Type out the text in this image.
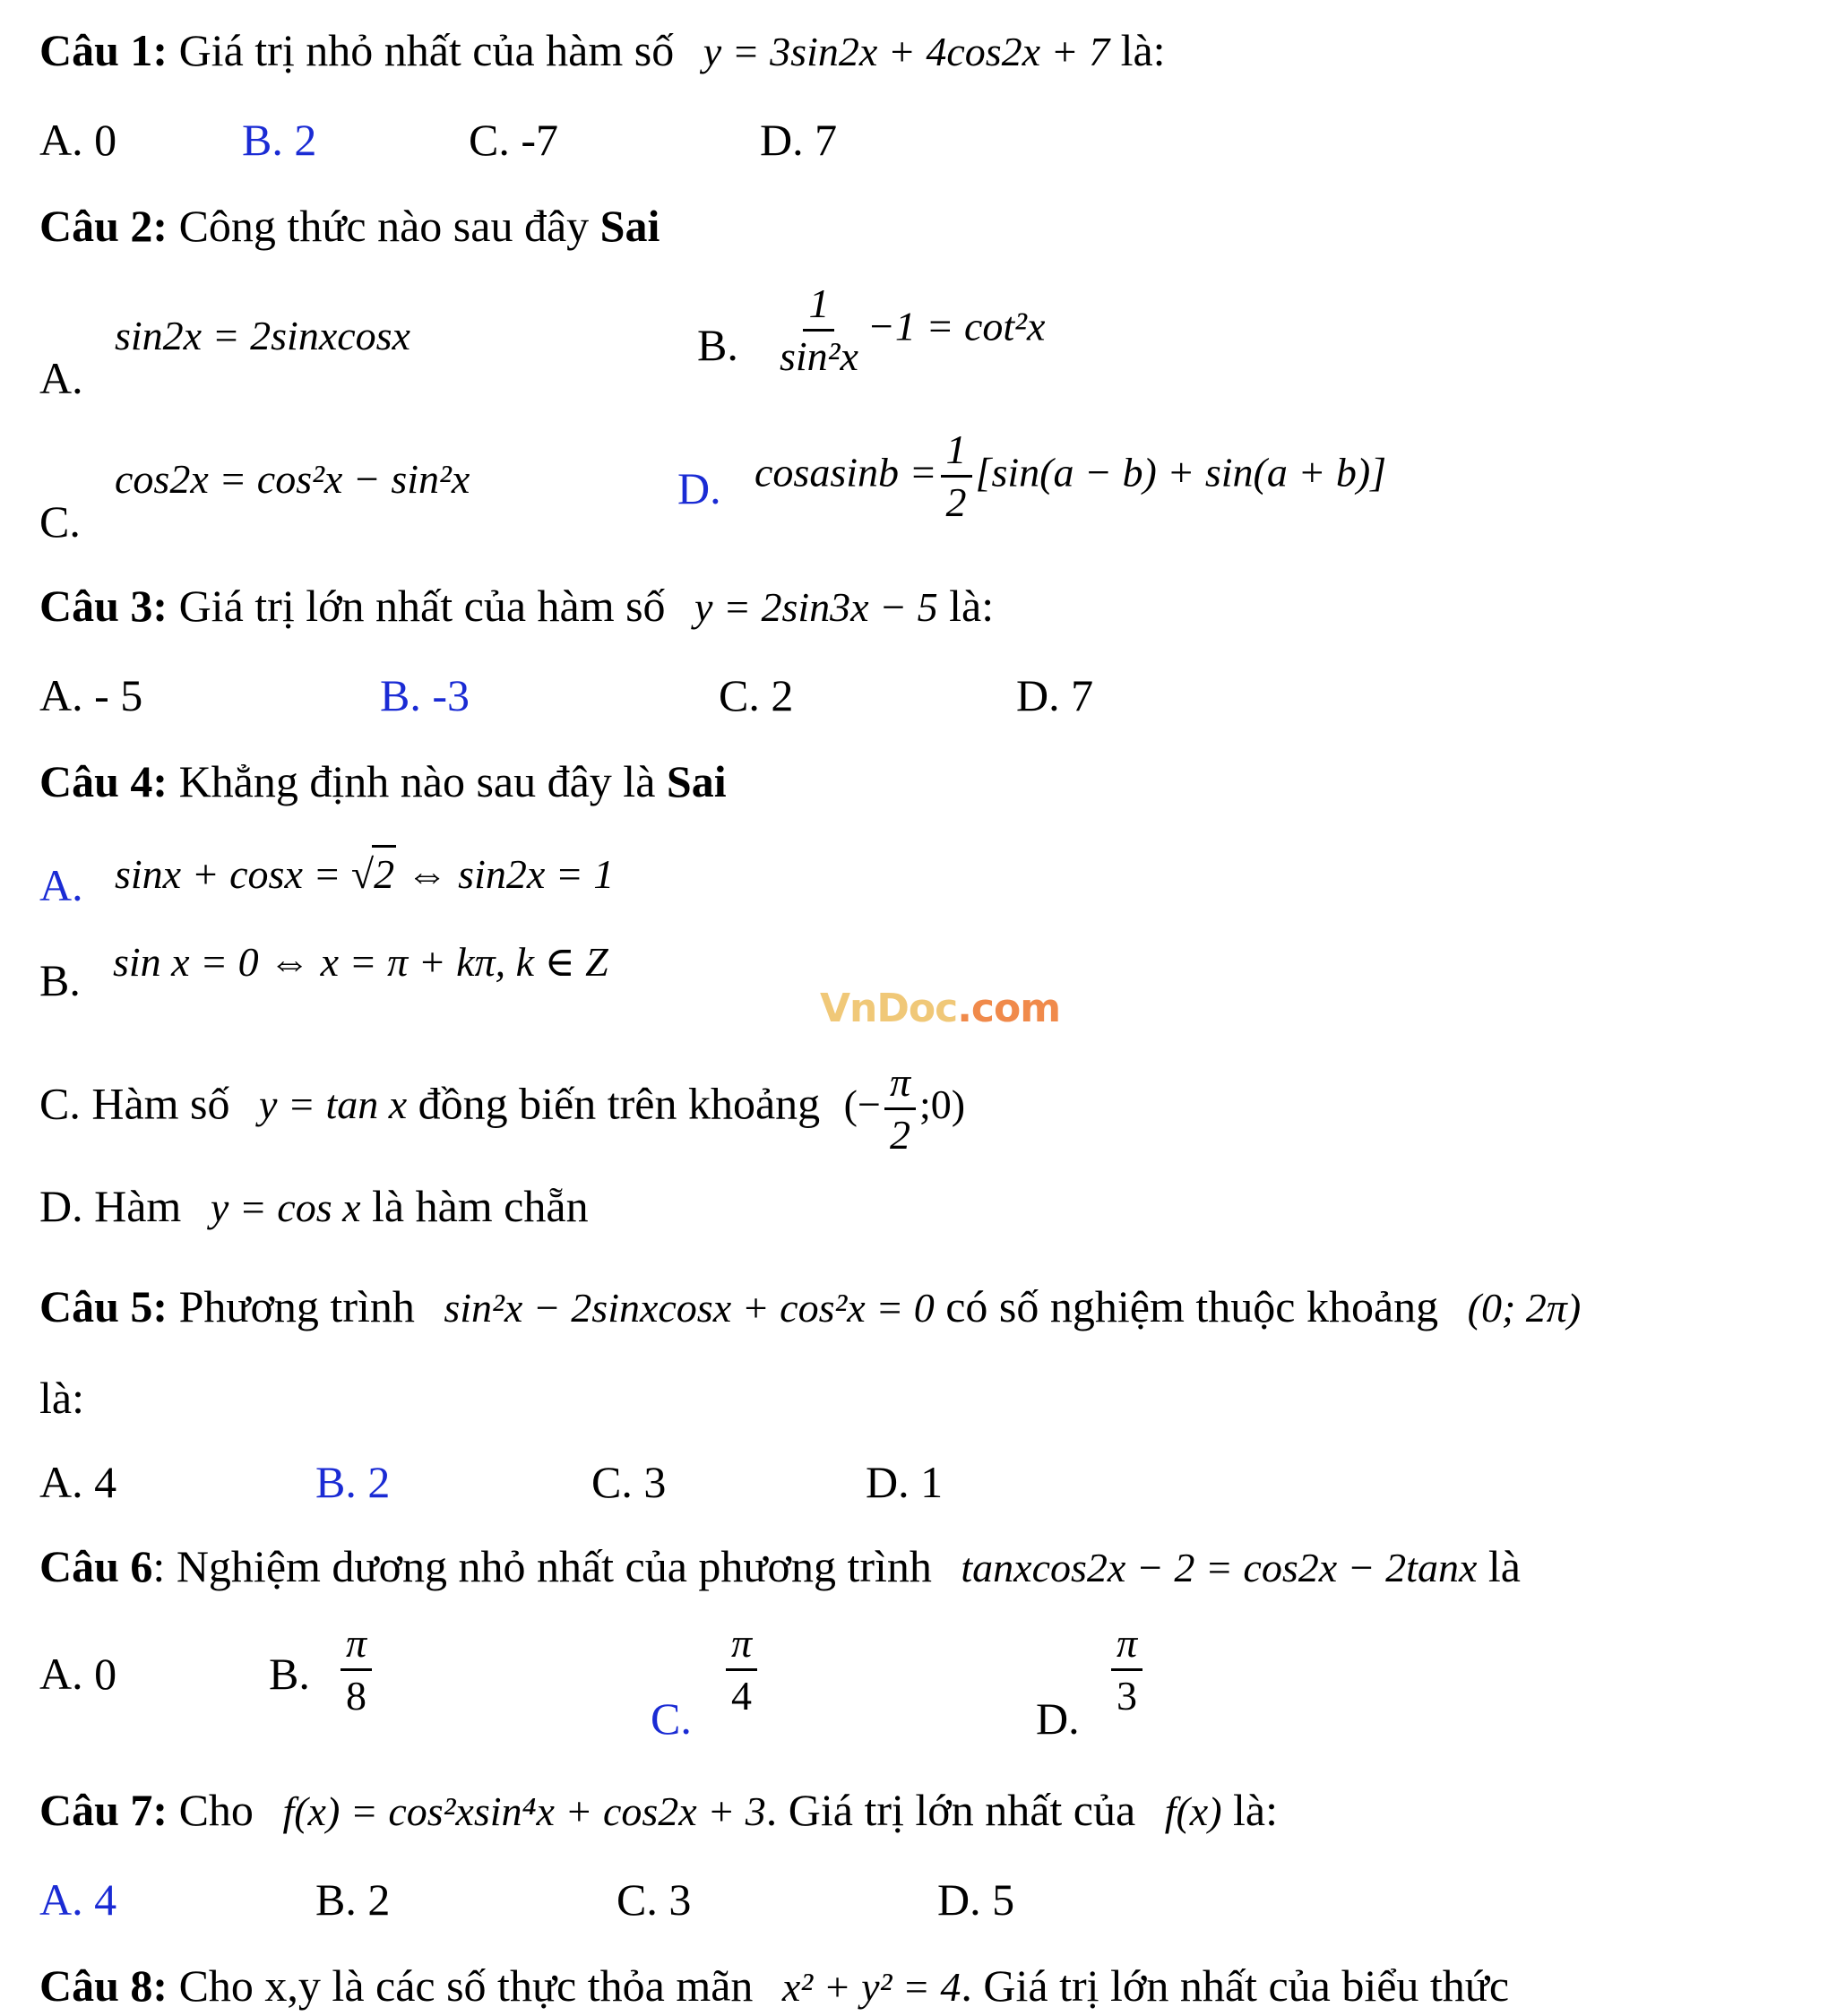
Câu 1: Giá trị nhỏ nhất của hàm số y = 3sin2x + 4cos2x + 7 là:
A. 0	B. 2	C. -7	D. 7
Câu 2: Công thức nào sau đây Sai
A.
sin2x = 2sinxcosx	B. $\frac{1}{\text{sin²x}} -1 = \cot^2x$
C.
cos2x = cos²x − sin²x	D. cosasinb = $\frac{1}{2} [\sin(a - b) + \sin(a + b)]$
Câu 3: Giá trị lớn nhất của hàm số y = 2sin3x − 5 là:
A. - 5	B. -3	C. 2	D. 7
Câu 4: Khẳng định nào sau đây là Sai
A. sinx + cosx = √2 ⇔ sin2x = 1
B. sin x = 0 ⇔ x = π + kπ, k ∈ Z
C. Hàm số y = tan x đồng biến trên khoảng (− $\frac{\pi}{2}$ ;0)
D. Hàm y = cos x là hàm chẵn
VnDoc.com
Câu 5: Phương trình sin²x − 2sinxcosx + cos²x = 0 có số nghiệm thuộc khoảng (0; 2π)
là:
A. 4	B. 2	C. 3	D. 1
Câu 6: Nghiệm dương nhỏ nhất của phương trình tanxcos2x − 2 = cos2x − 2tanx là
A. 0	B. $\frac{\pi}{8}$
C.
$\frac{\pi}{4}$
D.
$\frac{\pi}{3}$
Câu 7: Cho f(x) = cos²xsin⁴x + cos2x + 3. Giá trị lớn nhất của f(x) là:
A. 4	B. 2	C. 3	D. 5
Câu 8: Cho x,y là các số thực thỏa mãn x² + y² = 4. Giá trị lớn nhất của biểu thức
